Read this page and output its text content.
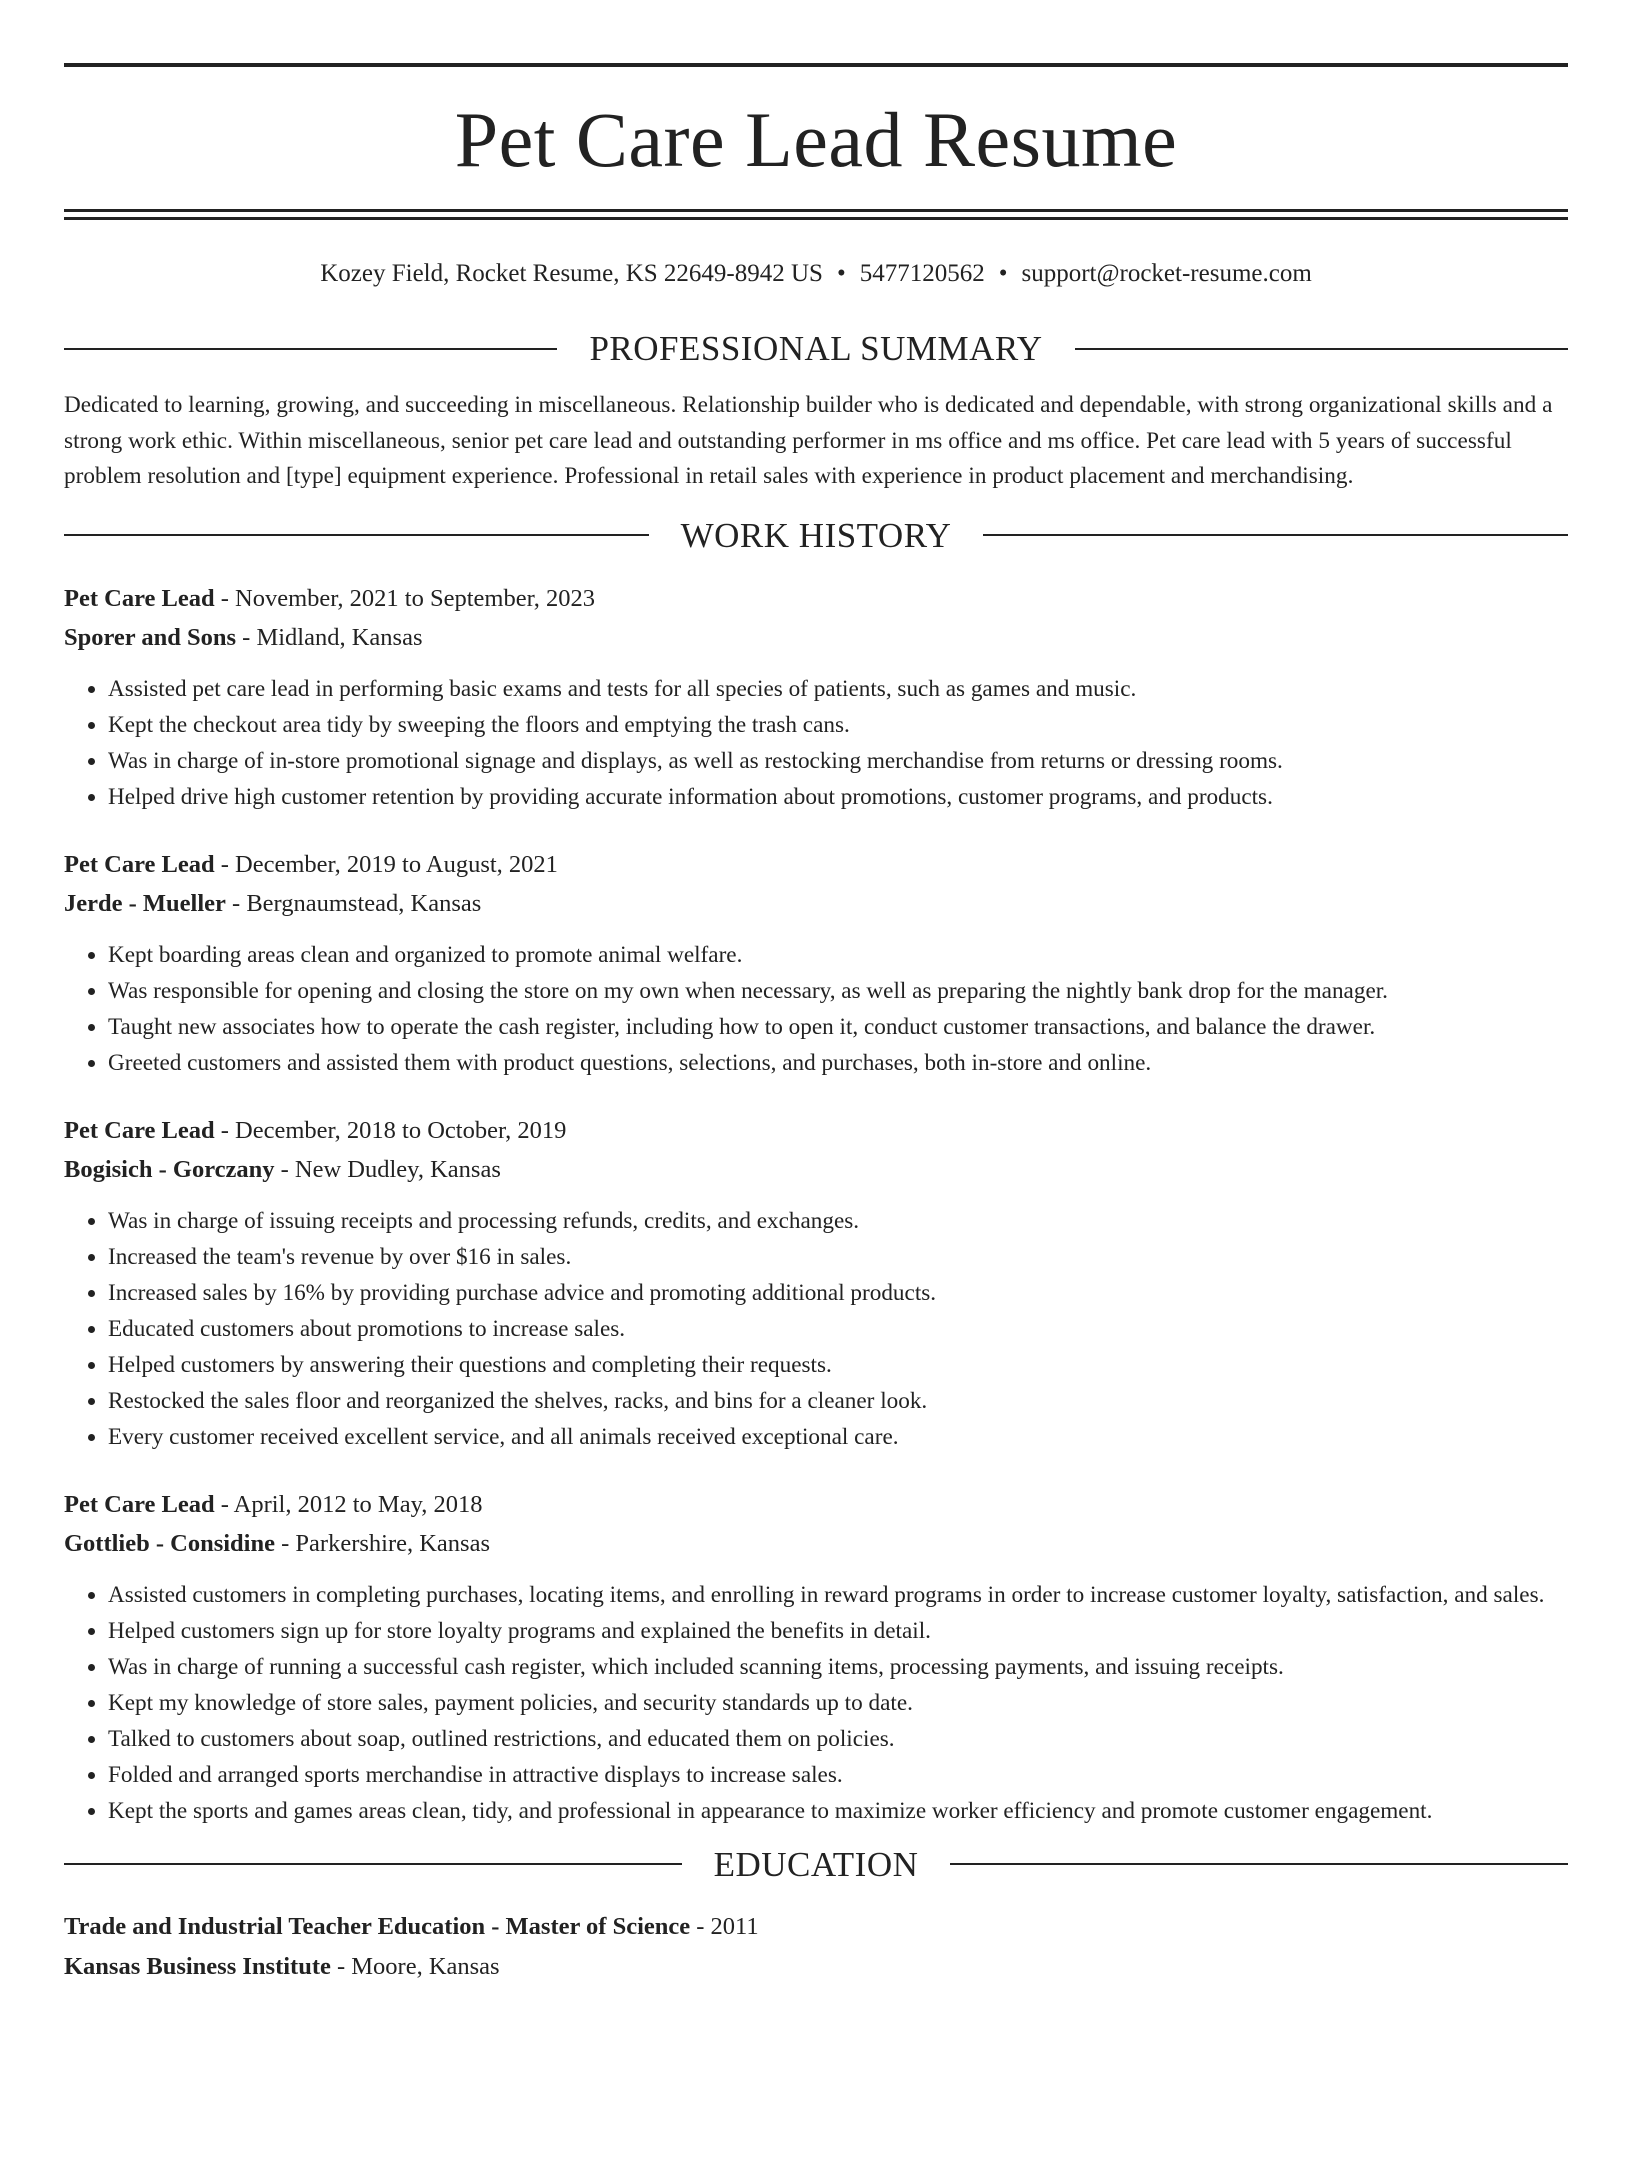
Pet Care Lead Resume
Kozey Field, Rocket Resume, KS 22649-8942 US • 5477120562 • support@rocket-resume.com
PROFESSIONAL SUMMARY
Dedicated to learning, growing, and succeeding in miscellaneous. Relationship builder who is dedicated and dependable, with strong organizational skills and a strong work ethic. Within miscellaneous, senior pet care lead and outstanding performer in ms office and ms office. Pet care lead with 5 years of successful problem resolution and [type] equipment experience. Professional in retail sales with experience in product placement and merchandising.
WORK HISTORY
Pet Care Lead - November, 2021 to September, 2023
Sporer and Sons - Midland, Kansas
• Assisted pet care lead in performing basic exams and tests for all species of patients, such as games and music.
• Kept the checkout area tidy by sweeping the floors and emptying the trash cans.
• Was in charge of in-store promotional signage and displays, as well as restocking merchandise from returns or dressing rooms.
• Helped drive high customer retention by providing accurate information about promotions, customer programs, and products.
Pet Care Lead - December, 2019 to August, 2021
Jerde - Mueller - Bergnaumstead, Kansas
• Kept boarding areas clean and organized to promote animal welfare.
• Was responsible for opening and closing the store on my own when necessary, as well as preparing the nightly bank drop for the manager.
• Taught new associates how to operate the cash register, including how to open it, conduct customer transactions, and balance the drawer.
• Greeted customers and assisted them with product questions, selections, and purchases, both in-store and online.
Pet Care Lead - December, 2018 to October, 2019
Bogisich - Gorczany - New Dudley, Kansas
• Was in charge of issuing receipts and processing refunds, credits, and exchanges.
• Increased the team's revenue by over $16 in sales.
• Increased sales by 16% by providing purchase advice and promoting additional products.
• Educated customers about promotions to increase sales.
• Helped customers by answering their questions and completing their requests.
• Restocked the sales floor and reorganized the shelves, racks, and bins for a cleaner look.
• Every customer received excellent service, and all animals received exceptional care.
Pet Care Lead - April, 2012 to May, 2018
Gottlieb - Considine - Parkershire, Kansas
• Assisted customers in completing purchases, locating items, and enrolling in reward programs in order to increase customer loyalty, satisfaction, and sales.
• Helped customers sign up for store loyalty programs and explained the benefits in detail.
• Was in charge of running a successful cash register, which included scanning items, processing payments, and issuing receipts.
• Kept my knowledge of store sales, payment policies, and security standards up to date.
• Talked to customers about soap, outlined restrictions, and educated them on policies.
• Folded and arranged sports merchandise in attractive displays to increase sales.
• Kept the sports and games areas clean, tidy, and professional in appearance to maximize worker efficiency and promote customer engagement.
EDUCATION
Trade and Industrial Teacher Education - Master of Science - 2011
Kansas Business Institute - Moore, Kansas
